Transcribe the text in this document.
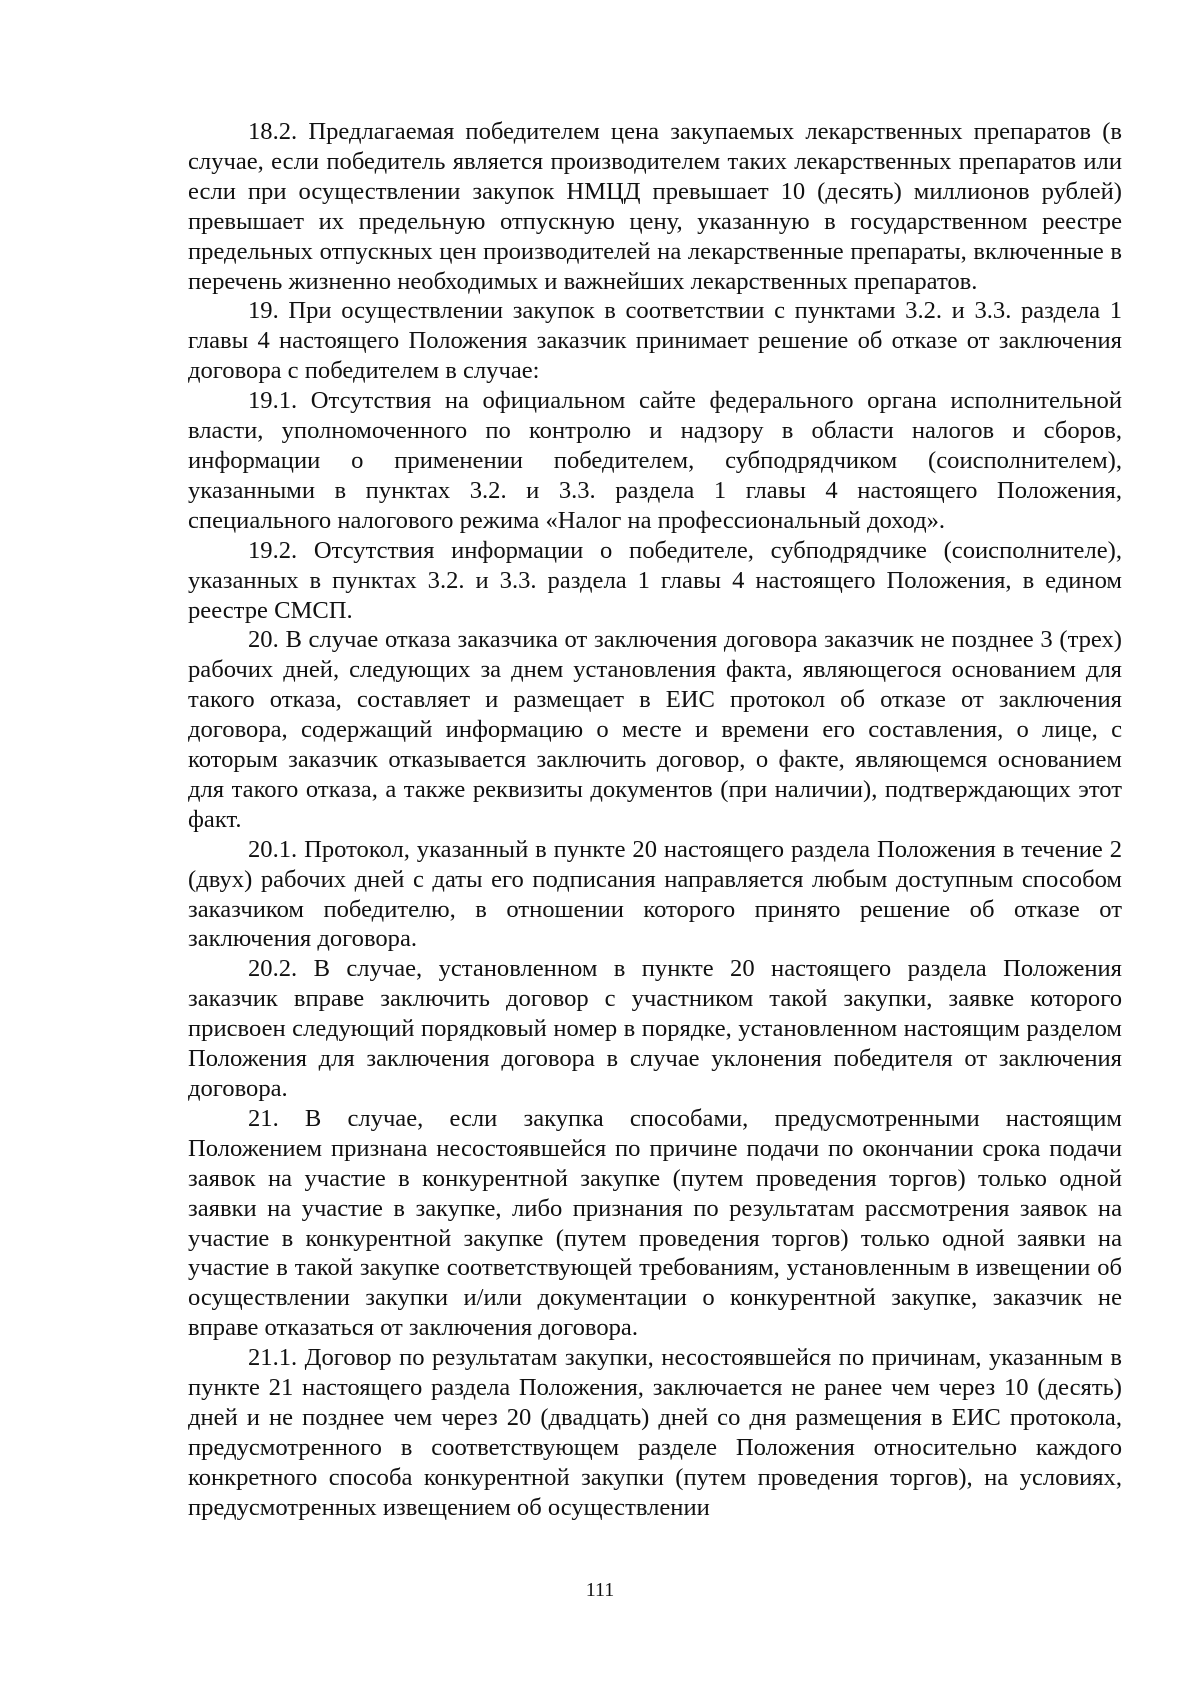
18.2. Предлагаемая победителем цена закупаемых лекарственных препаратов (в случае, если победитель является производителем таких лекарственных препаратов или если при осуществлении закупок НМЦД превышает 10 (десять) миллионов рублей) превышает их предельную отпускную цену, указанную в государственном реестре предельных отпускных цен производителей на лекарственные препараты, включенные в перечень жизненно необходимых и важнейших лекарственных препаратов.

19. При осуществлении закупок в соответствии с пунктами 3.2. и 3.3. раздела 1 главы 4 настоящего Положения заказчик принимает решение об отказе от заключения договора с победителем в случае:

19.1. Отсутствия на официальном сайте федерального органа исполнительной власти, уполномоченного по контролю и надзору в области налогов и сборов, информации о применении победителем, субподрядчиком (соисполнителем), указанными в пунктах 3.2. и 3.3. раздела 1 главы 4 настоящего Положения, специального налогового режима «Налог на профессиональный доход».

19.2. Отсутствия информации о победителе, субподрядчике (соисполнителе), указанных в пунктах 3.2. и 3.3. раздела 1 главы 4 настоящего Положения, в едином реестре СМСП.

20. В случае отказа заказчика от заключения договора заказчик не позднее 3 (трех) рабочих дней, следующих за днем установления факта, являющегося основанием для такого отказа, составляет и размещает в ЕИС протокол об отказе от заключения договора, содержащий информацию о месте и времени его составления, о лице, с которым заказчик отказывается заключить договор, о факте, являющемся основанием для такого отказа, а также реквизиты документов (при наличии), подтверждающих этот факт.

20.1. Протокол, указанный в пункте 20 настоящего раздела Положения в течение 2 (двух) рабочих дней с даты его подписания направляется любым доступным способом заказчиком победителю, в отношении которого принято решение об отказе от заключения договора.

20.2. В случае, установленном в пункте 20 настоящего раздела Положения заказчик вправе заключить договор с участником такой закупки, заявке которого присвоен следующий порядковый номер в порядке, установленном настоящим разделом Положения для заключения договора в случае уклонения победителя от заключения договора.

21. В случае, если закупка способами, предусмотренными настоящим Положением признана несостоявшейся по причине подачи по окончании срока подачи заявок на участие в конкурентной закупке (путем проведения торгов) только одной заявки на участие в закупке, либо признания по результатам рассмотрения заявок на участие в конкурентной закупке (путем проведения торгов) только одной заявки на участие в такой закупке соответствующей требованиям, установленным в извещении об осуществлении закупки и/или документации о конкурентной закупке, заказчик не вправе отказаться от заключения договора.

21.1. Договор по результатам закупки, несостоявшейся по причинам, указанным в пункте 21 настоящего раздела Положения, заключается не ранее чем через 10 (десять) дней и не позднее чем через 20 (двадцать) дней со дня размещения в ЕИС протокола, предусмотренного в соответствующем разделе Положения относительно каждого конкретного способа конкурентной закупки (путем проведения торгов), на условиях, предусмотренных извещением об осуществлении

111
